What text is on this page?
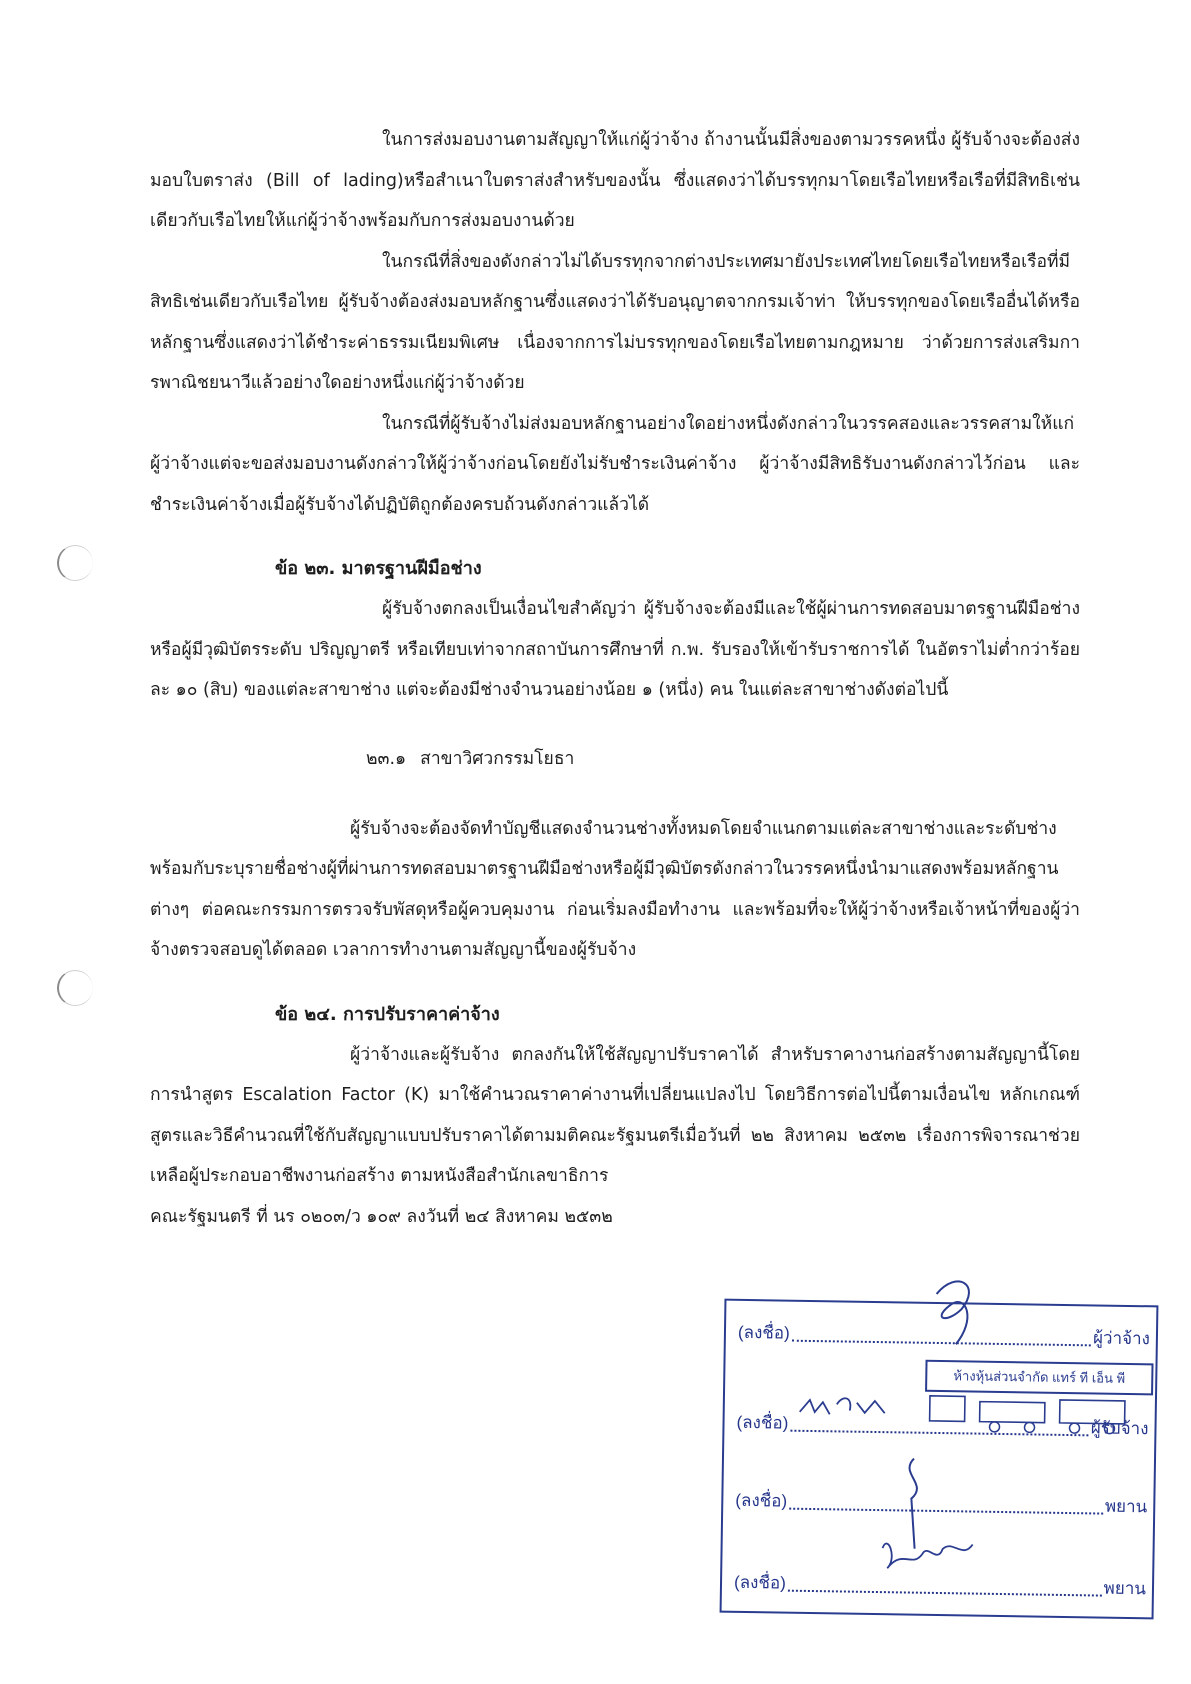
ในการส่งมอบงานตามสัญญาให้แก่ผู้ว่าจ้าง ถ้างานนั้นมีสิ่งของตามวรรคหนึ่ง ผู้รับจ้างจะต้องส่งมอบใบตราส่ง (Bill of lading)หรือสำเนาใบตราส่งสำหรับของนั้น ซึ่งแสดงว่าได้บรรทุกมาโดยเรือไทยหรือเรือที่มีสิทธิเช่นเดียวกับเรือไทยให้แก่ผู้ว่าจ้างพร้อมกับการส่งมอบงานด้วย

ในกรณีที่สิ่งของดังกล่าวไม่ได้บรรทุกจากต่างประเทศมายังประเทศไทยโดยเรือไทยหรือเรือที่มีสิทธิเช่นเดียวกับเรือไทย ผู้รับจ้างต้องส่งมอบหลักฐานซึ่งแสดงว่าได้รับอนุญาตจากกรมเจ้าท่า ให้บรรทุกของโดยเรืออื่นได้หรือหลักฐานซึ่งแสดงว่าได้ชำระค่าธรรมเนียมพิเศษ เนื่องจากการไม่บรรทุกของโดยเรือไทยตามกฎหมาย ว่าด้วยการส่งเสริมการพาณิชยนาวีแล้วอย่างใดอย่างหนึ่งแก่ผู้ว่าจ้างด้วย

ในกรณีที่ผู้รับจ้างไม่ส่งมอบหลักฐานอย่างใดอย่างหนึ่งดังกล่าวในวรรคสองและวรรคสามให้แก่ผู้ว่าจ้างแต่จะขอส่งมอบงานดังกล่าวให้ผู้ว่าจ้างก่อนโดยยังไม่รับชำระเงินค่าจ้าง ผู้ว่าจ้างมีสิทธิรับงานดังกล่าวไว้ก่อน และชำระเงินค่าจ้างเมื่อผู้รับจ้างได้ปฏิบัติถูกต้องครบถ้วนดังกล่าวแล้วได้

ข้อ ๒๓. มาตรฐานฝีมือช่าง

ผู้รับจ้างตกลงเป็นเงื่อนไขสำคัญว่า ผู้รับจ้างจะต้องมีและใช้ผู้ผ่านการทดสอบมาตรฐานฝีมือช่าง หรือผู้มีวุฒิบัตรระดับ ปริญญาตรี หรือเทียบเท่าจากสถาบันการศึกษาที่ ก.พ. รับรองให้เข้ารับราชการได้ ในอัตราไม่ต่ำกว่าร้อยละ ๑๐ (สิบ) ของแต่ละสาขาช่าง แต่จะต้องมีช่างจำนวนอย่างน้อย ๑ (หนึ่ง) คน ในแต่ละสาขาช่างดังต่อไปนี้

๒๓.๑ สาขาวิศวกรรมโยธา

ผู้รับจ้างจะต้องจัดทำบัญชีแสดงจำนวนช่างทั้งหมดโดยจำแนกตามแต่ละสาขาช่างและระดับช่างพร้อมกับระบุรายชื่อช่างผู้ที่ผ่านการทดสอบมาตรฐานฝีมือช่างหรือผู้มีวุฒิบัตรดังกล่าวในวรรคหนึ่งนำมาแสดงพร้อมหลักฐานต่างๆ ต่อคณะกรรมการตรวจรับพัสดุหรือผู้ควบคุมงาน ก่อนเริ่มลงมือทำงาน และพร้อมที่จะให้ผู้ว่าจ้างหรือเจ้าหน้าที่ของผู้ว่าจ้างตรวจสอบดูได้ตลอด เวลาการทำงานตามสัญญานี้ของผู้รับจ้าง

ข้อ ๒๔. การปรับราคาค่าจ้าง

ผู้ว่าจ้างและผู้รับจ้าง ตกลงกันให้ใช้สัญญาปรับราคาได้ สำหรับราคางานก่อสร้างตามสัญญานี้โดยการนำสูตร Escalation Factor (K) มาใช้คำนวณราคาค่างานที่เปลี่ยนแปลงไป โดยวิธีการต่อไปนี้ตามเงื่อนไข หลักเกณฑ์ สูตรและวิธีคำนวณที่ใช้กับสัญญาแบบปรับราคาได้ตามมติคณะรัฐมนตรีเมื่อวันที่ ๒๒ สิงหาคม ๒๕๓๒ เรื่องการพิจารณาช่วยเหลือผู้ประกอบอาชีพงานก่อสร้าง ตามหนังสือสำนักเลขาธิการ

คณะรัฐมนตรี ที่ นร ๐๒๐๓/ว ๑๐๙ ลงวันที่ ๒๔ สิงหาคม ๒๕๓๒

(ลงชื่อ)	ผู้ว่าจ้าง
ห้างหุ้นส่วนจำกัด แทร์ ที เอ็น พี
(ลงชื่อ)	ผู้รับจ้าง
(ลงชื่อ)	พยาน
(ลงชื่อ)	พยาน
